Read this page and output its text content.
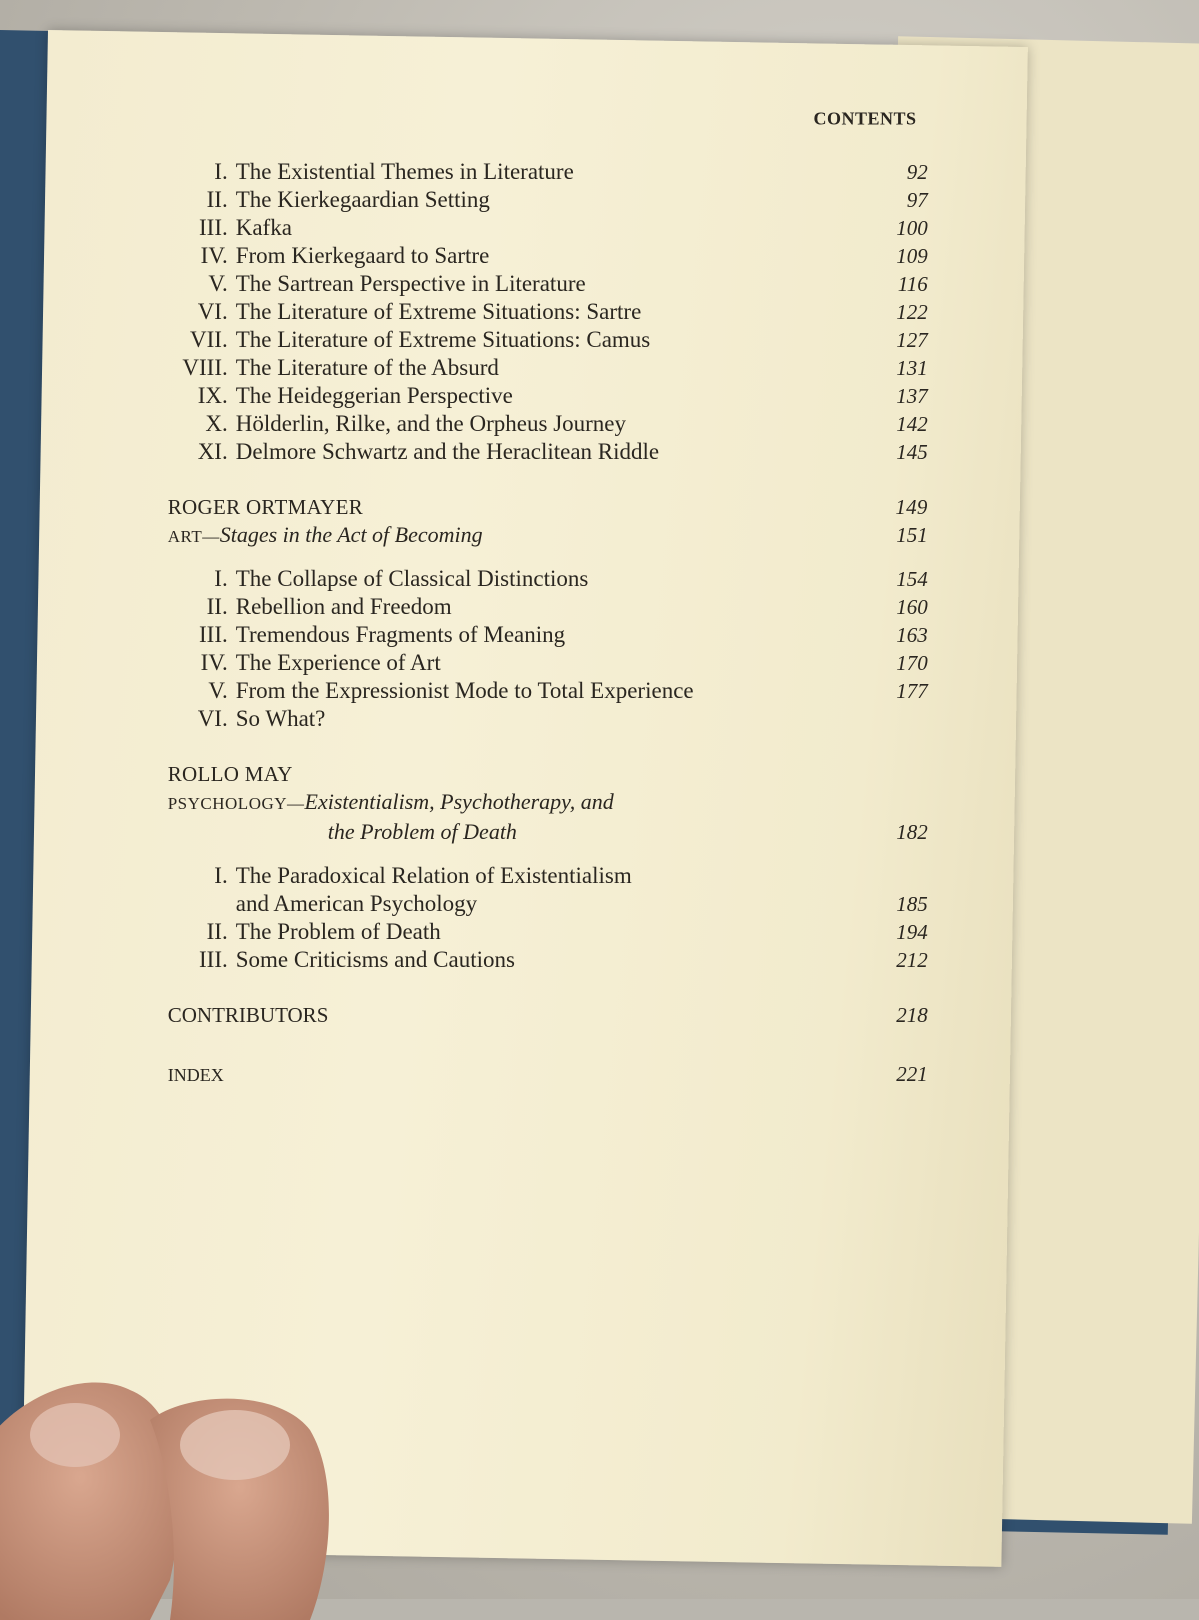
CONTENTS
I. The Existential Themes in Literature	92
II. The Kierkegaardian Setting	97
III. Kafka	100
IV. From Kierkegaard to Sartre	109
V. The Sartrean Perspective in Literature	116
VI. The Literature of Extreme Situations: Sartre	122
VII. The Literature of Extreme Situations: Camus	127
VIII. The Literature of the Absurd	131
IX. The Heideggerian Perspective	137
X. Hölderlin, Rilke, and the Orpheus Journey	142
XI. Delmore Schwartz and the Heraclitean Riddle	145
ROGER ORTMAYER	149
ART—Stages in the Act of Becoming	151
I. The Collapse of Classical Distinctions	154
II. Rebellion and Freedom	160
III. Tremendous Fragments of Meaning	163
IV. The Experience of Art	170
V. From the Expressionist Mode to Total Experience	177
VI. So What?
ROLLO MAY
PSYCHOLOGY—Existentialism, Psychotherapy, and
the Problem of Death	182
I. The Paradoxical Relation of Existentialism
and American Psychology	185
II. The Problem of Death	194
III. Some Criticisms and Cautions	212
CONTRIBUTORS	218
INDEX	221
